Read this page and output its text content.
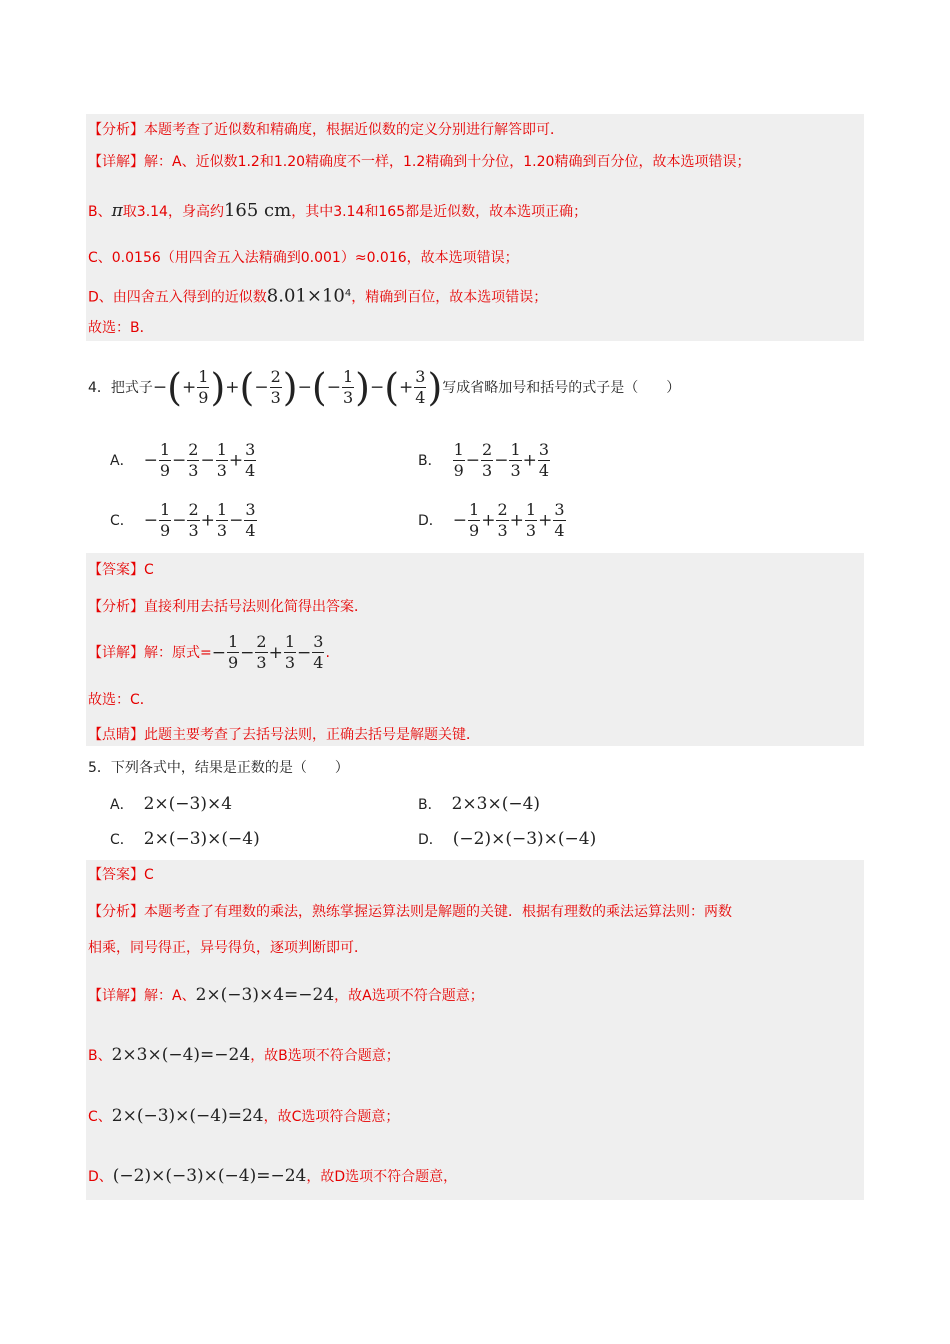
【分析】本题考查了近似数和精确度，根据近似数的定义分别进行解答即可．
【详解】解：A、近似数1.2和1.20精确度不一样，1.2精确到十分位，1.20精确到百分位，故本选项错误；
B、π取3.14，身高约165 cm，其中3.14和165都是近似数，故本选项正确；
C、0.0156（用四舍五入法精确到0.001）≈0.016，故本选项错误；
D、由四舍五入得到的近似数$8.01\times 10^4$，精确到百位，故本选项错误；
故选：B．
4．把式子−(+ $\frac{1}{9}$ )+(− $\frac{2}{3}$ )−(− $\frac{1}{3}$ )−(+ $\frac{3}{4}$ )写成省略加号和括号的式子是（　　）
A． − $\frac{1}{9} - \frac{2}{3} - \frac{1}{3} + \frac{3}{4}$	B． $\frac{1}{9} - \frac{2}{3} - \frac{1}{3} + \frac{3}{4}$
C． − $\frac{1}{9} - \frac{2}{3} + \frac{1}{3} - \frac{3}{4}$	D． − $\frac{1}{9} + \frac{2}{3} + \frac{1}{3} + \frac{3}{4}$
【答案】C
【分析】直接利用去括号法则化简得出答案．
【详解】解：原式=− $\frac{1}{9} - \frac{2}{3} + \frac{1}{3} - \frac{3}{4}$ .
故选：C．
【点睛】此题主要考查了去括号法则，正确去括号是解题关键．
5．下列各式中，结果是正数的是（　　）
A． 2×(−3)×4	B． 2×3×(−4)
C． 2×(−3)×(−4)	D． (−2)×(−3)×(−4)
【答案】C
【分析】本题考查了有理数的乘法，熟练掌握运算法则是解题的关键．根据有理数的乘法运算法则：两数
相乘，同号得正，异号得负，逐项判断即可．
【详解】解：A、2×(−3)×4=−24，故A选项不符合题意；
B、2×3×(−4)=−24，故B选项不符合题意；
C、2×(−3)×(−4)=24，故C选项符合题意；
D、(−2)×(−3)×(−4)=−24，故D选项不符合题意，
